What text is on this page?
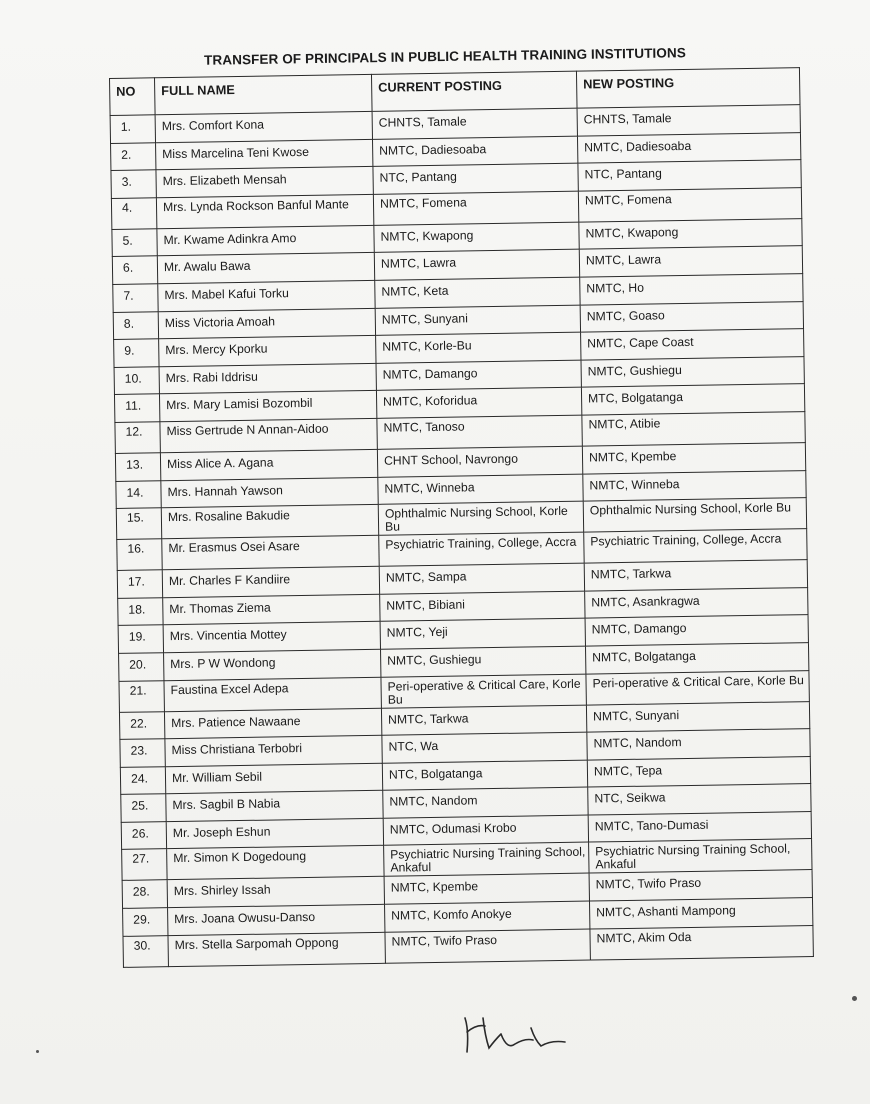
TRANSFER OF PRINCIPALS IN PUBLIC HEALTH TRAINING INSTITUTIONS
NO	FULL NAME	CURRENT POSTING	NEW POSTING
1.	Mrs. Comfort Kona	CHNTS, Tamale	CHNTS, Tamale
2.	Miss Marcelina Teni Kwose	NMTC, Dadiesoaba	NMTC, Dadiesoaba
3.	Mrs. Elizabeth Mensah	NTC, Pantang	NTC, Pantang
4.	Mrs. Lynda Rockson Banful Mante	NMTC, Fomena	NMTC, Fomena
5.	Mr. Kwame Adinkra Amo	NMTC, Kwapong	NMTC, Kwapong
6.	Mr. Awalu Bawa	NMTC, Lawra	NMTC, Lawra
7.	Mrs. Mabel Kafui Torku	NMTC, Keta	NMTC, Ho
8.	Miss Victoria Amoah	NMTC, Sunyani	NMTC, Goaso
9.	Mrs. Mercy Kporku	NMTC, Korle-Bu	NMTC, Cape Coast
10.	Mrs. Rabi Iddrisu	NMTC, Damango	NMTC, Gushiegu
11.	Mrs. Mary Lamisi Bozombil	NMTC, Koforidua	MTC, Bolgatanga
12.	Miss Gertrude N Annan-Aidoo	NMTC, Tanoso	NMTC, Atibie
13.	Miss Alice A. Agana	CHNT School, Navrongo	NMTC, Kpembe
14.	Mrs. Hannah Yawson	NMTC, Winneba	NMTC, Winneba
15.	Mrs. Rosaline Bakudie	Ophthalmic Nursing School, Korle Bu	Ophthalmic Nursing School, Korle Bu
16.	Mr. Erasmus Osei Asare	Psychiatric Training, College, Accra	Psychiatric Training, College, Accra
17.	Mr. Charles F Kandiire	NMTC, Sampa	NMTC, Tarkwa
18.	Mr. Thomas Ziema	NMTC, Bibiani	NMTC, Asankragwa
19.	Mrs. Vincentia Mottey	NMTC, Yeji	NMTC, Damango
20.	Mrs. P W Wondong	NMTC, Gushiegu	NMTC, Bolgatanga
21.	Faustina Excel Adepa	Peri-operative & Critical Care, Korle Bu	Peri-operative & Critical Care, Korle Bu
22.	Mrs. Patience Nawaane	NMTC, Tarkwa	NMTC, Sunyani
23.	Miss Christiana Terbobri	NTC, Wa	NMTC, Nandom
24.	Mr. William Sebil	NTC, Bolgatanga	NMTC, Tepa
25.	Mrs. Sagbil B Nabia	NMTC, Nandom	NTC, Seikwa
26.	Mr. Joseph Eshun	NMTC, Odumasi Krobo	NMTC, Tano-Dumasi
27.	Mr. Simon K Dogedoung	Psychiatric Nursing Training School, Ankaful	Psychiatric Nursing Training School, Ankaful
28.	Mrs. Shirley Issah	NMTC, Kpembe	NMTC, Twifo Praso
29.	Mrs. Joana Owusu-Danso	NMTC, Komfo Anokye	NMTC, Ashanti Mampong
30.	Mrs. Stella Sarpomah Oppong	NMTC, Twifo Praso	NMTC, Akim Oda
